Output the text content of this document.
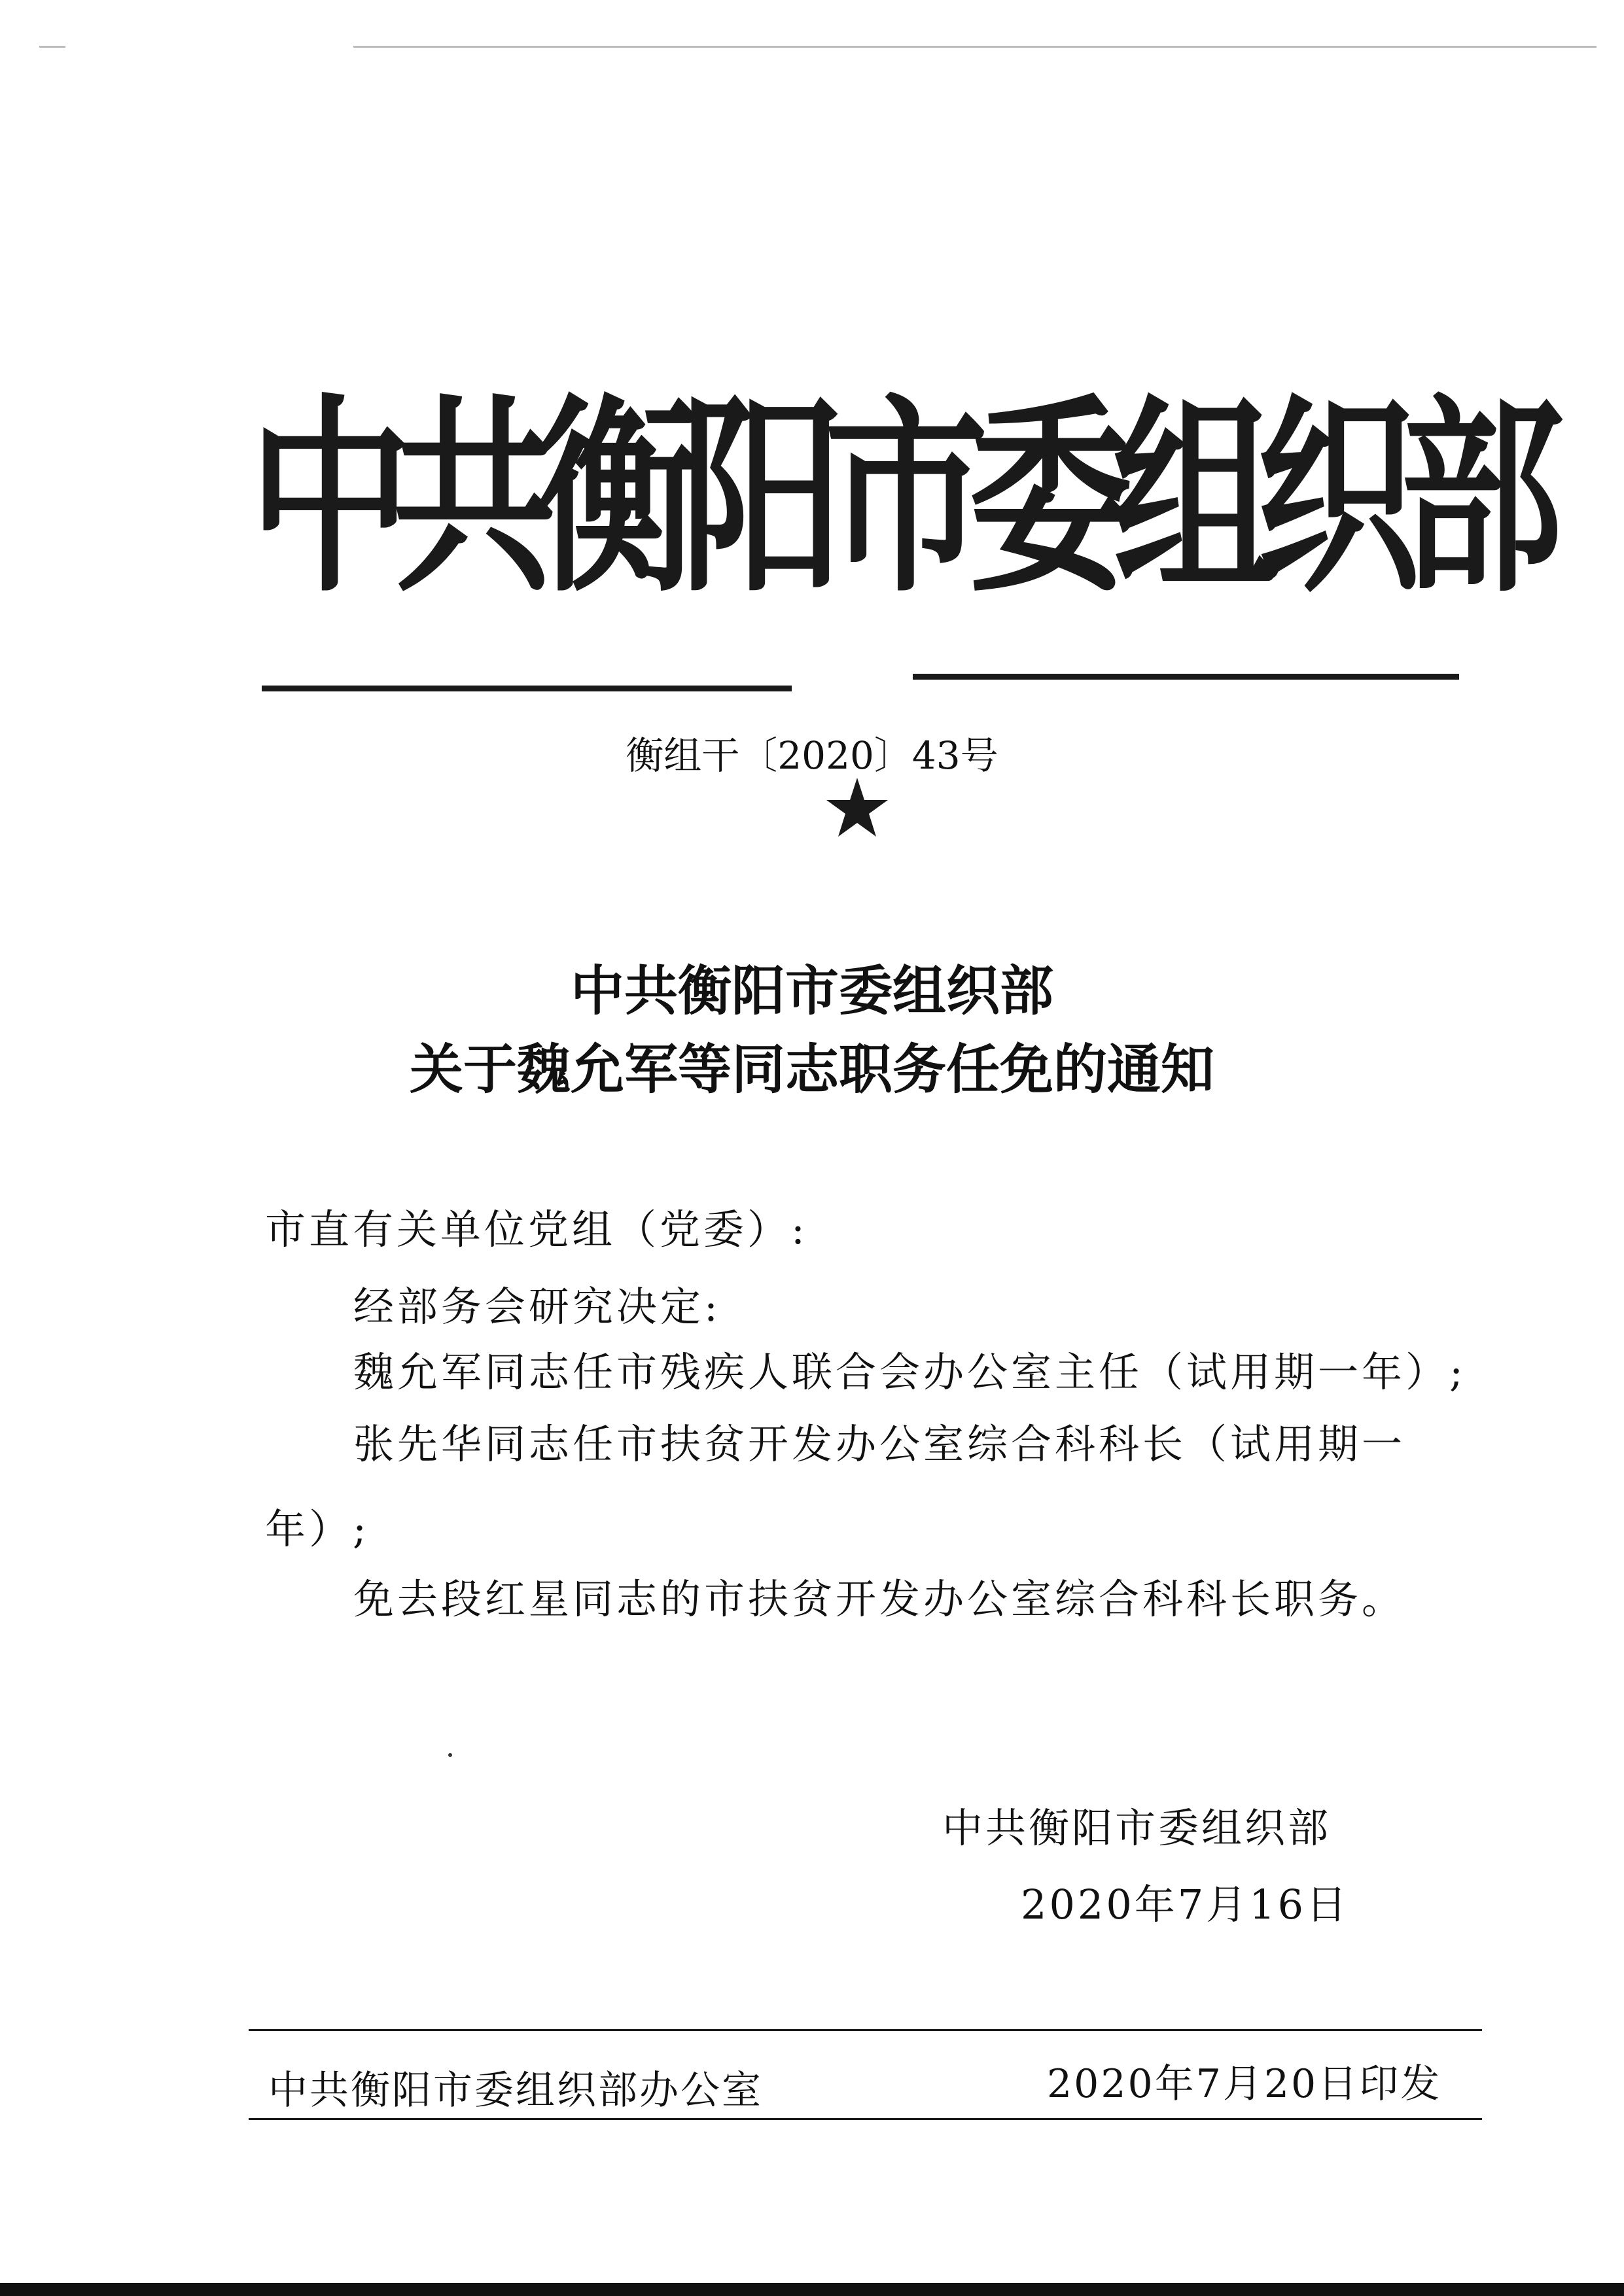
中共衡阳市委组织部
衡组干〔2020〕43号
中共衡阳市委组织部
关于魏允军等同志职务任免的通知
市直有关单位党组（党委）:
经部务会研究决定:
魏允军同志任市残疾人联合会办公室主任（试用期一年）;
张先华同志任市扶贫开发办公室综合科科长（试用期一
年）;
免去段红星同志的市扶贫开发办公室综合科科长职务。
中共衡阳市委组织部
2020年7月16日
中共衡阳市委组织部办公室	2020年7月20日印发
